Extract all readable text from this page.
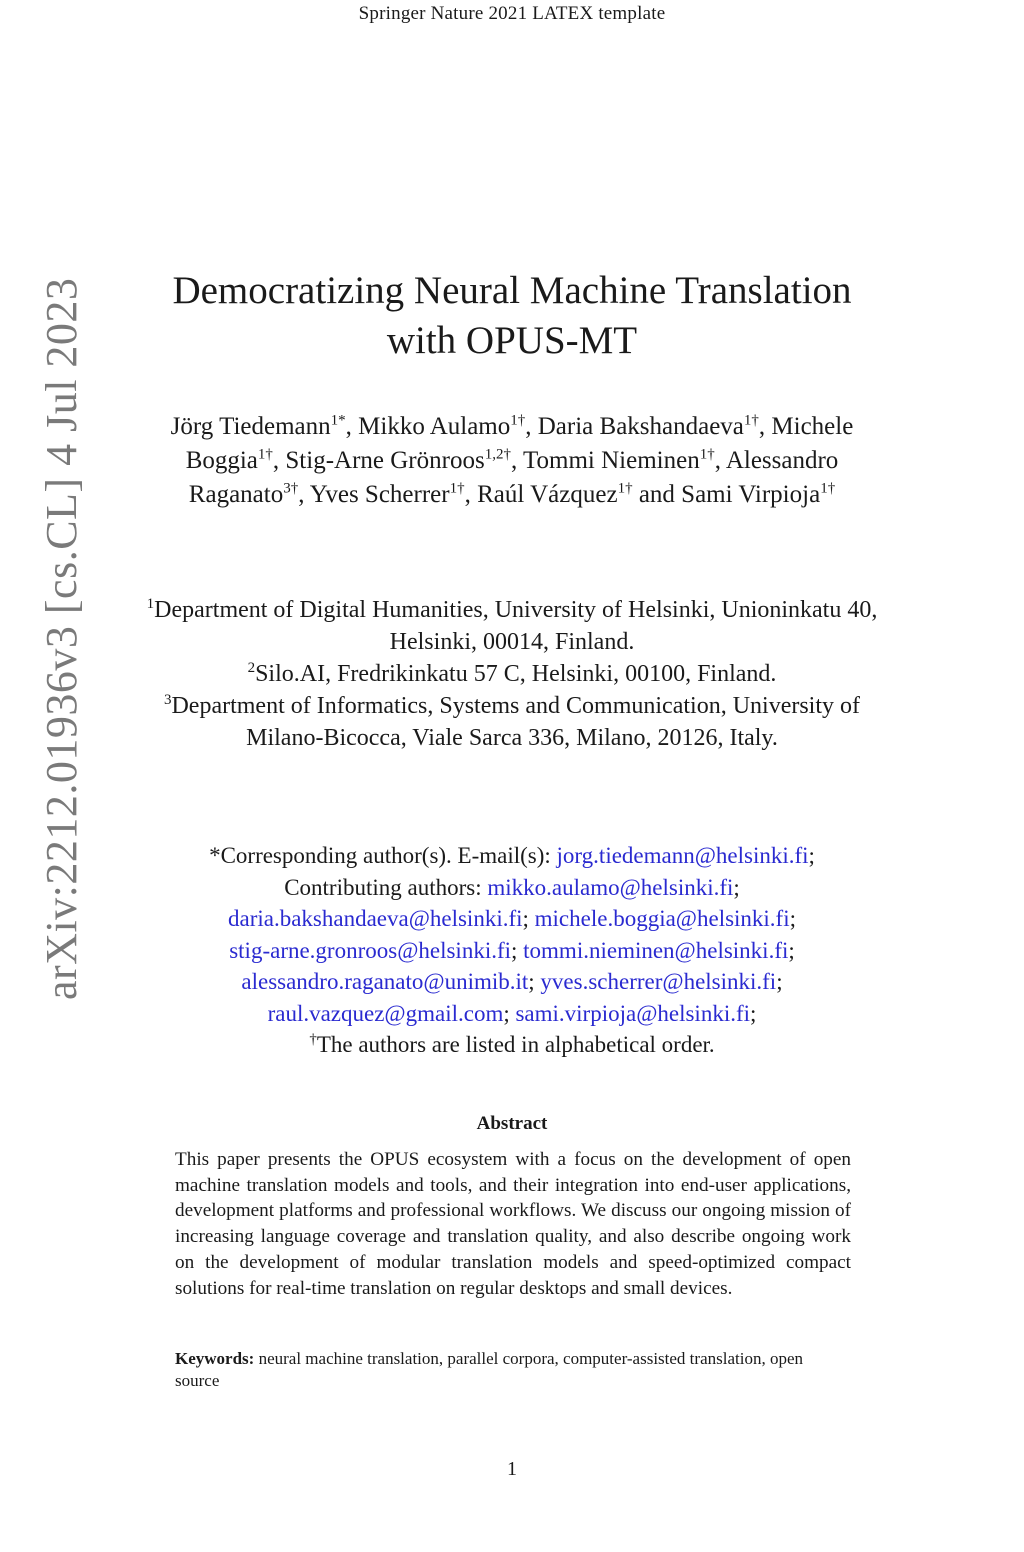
Springer Nature 2021 LATEX template
arXiv:2212.01936v3 [cs.CL] 4 Jul 2023	Democratizing Neural Machine Translation
with OPUS-MT
Jörg Tiedemann$^{1*}$, Mikko Aulamo$^{1\dagger}$, Daria Bakshandaeva$^{1\dagger}$, Michele Boggia$^{1\dagger}$, Stig-Arne Grönroos$^{1,2\dagger}$, Tommi Nieminen$^{1\dagger}$, Alessandro Raganato$^{3\dagger}$, Yves Scherrer$^{1\dagger}$, Raúl Vázquez$^{1\dagger}$ and Sami Virpioja$^{1\dagger}$
$^1$Department of Digital Humanities, University of Helsinki, Unioninkatu 40, Helsinki, 00014, Finland.
$^2$Silo.AI, Fredrikinkatu 57 C, Helsinki, 00100, Finland.
$^3$Department of Informatics, Systems and Communication, University of Milano-Bicocca, Viale Sarca 336, Milano, 20126, Italy.
*Corresponding author(s). E-mail(s): jorg.tiedemann@helsinki.fi;
Contributing authors: mikko.aulamo@helsinki.fi;
daria.bakshandaeva@helsinki.fi; michele.boggia@helsinki.fi;
stig-arne.gronroos@helsinki.fi; tommi.nieminen@helsinki.fi;
alessandro.raganato@unimib.it; yves.scherrer@helsinki.fi;
raul.vazquez@gmail.com; sami.virpioja@helsinki.fi;
†The authors are listed in alphabetical order.
Abstract
This paper presents the OPUS ecosystem with a focus on the development of open machine translation models and tools, and their integration into end-user applications, development platforms and professional workflows. We discuss our ongoing mission of increasing language coverage and translation quality, and also describe ongoing work on the development of modular translation models and speed-optimized compact solutions for real-time translation on regular desktops and small devices.
Keywords: neural machine translation, parallel corpora, computer-assisted translation, open source
1
